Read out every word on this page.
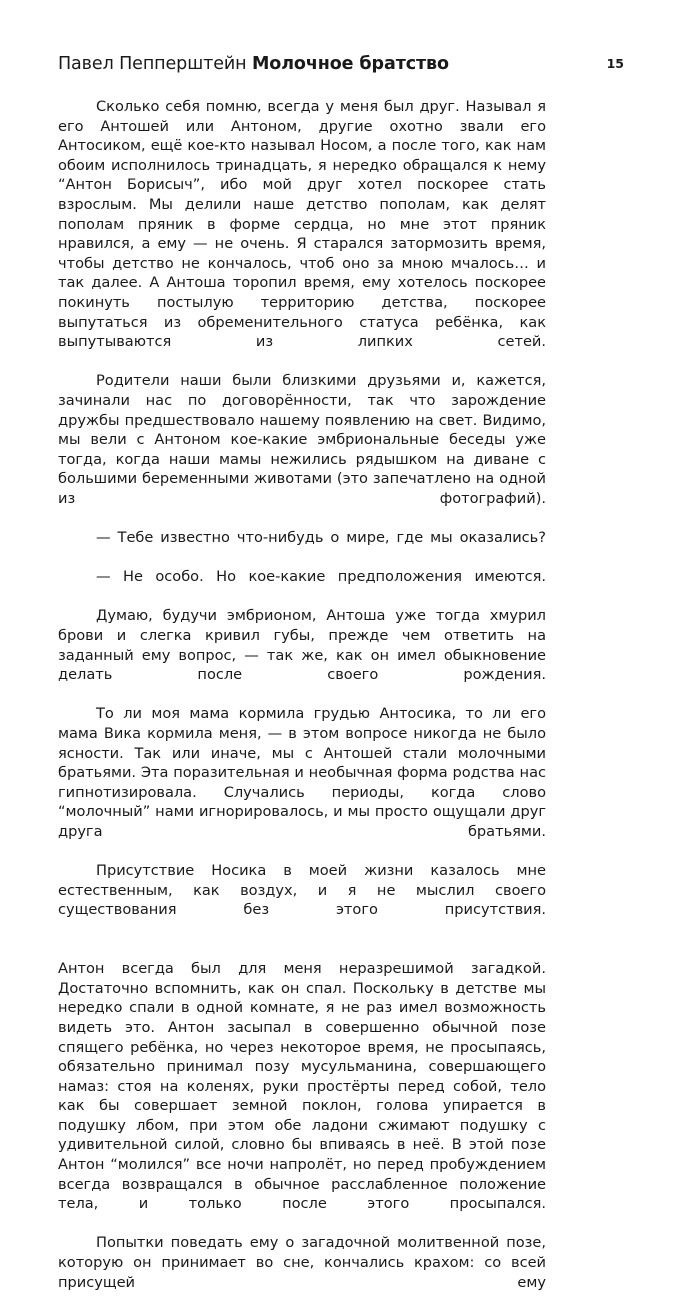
Павел Пепперштейн Молочное братство	15

Сколько себя помню, всегда у меня был друг. Называл я его Антошей или Антоном, другие охотно звали его Антосиком, ещё кое-кто называл Носом, а после того, как нам обоим исполнилось тринадцать, я нередко обращался к нему “Антон Борисыч”, ибо мой друг хотел поскорее стать взрослым. Мы делили наше детство пополам, как делят пополам пряник в форме сердца, но мне этот пряник нравился, а ему — не очень. Я старался затормозить время, чтобы детство не кончалось, чтоб оно за мною мчалось… и так далее. А Антоша торопил время, ему хотелось поскорее покинуть постылую территорию детства, поскорее выпутаться из обременительного статуса ребёнка, как выпутываются из липких сетей.

Родители наши были близкими друзьями и, кажется, зачинали нас по договорённости, так что зарождение дружбы предшествовало нашему появлению на свет. Видимо, мы вели с Антоном кое-какие эмбриональные беседы уже тогда, когда наши мамы нежились рядышком на диване с большими беременными животами (это запечатлено на одной из фотографий).

— Тебе известно что-нибудь о мире, где мы оказались?

— Не особо. Но кое-какие предположения имеются.

Думаю, будучи эмбрионом, Антоша уже тогда хмурил брови и слегка кривил губы, прежде чем ответить на заданный ему вопрос, — так же, как он имел обыкновение делать после своего рождения.

То ли моя мама кормила грудью Антосика, то ли его мама Вика кормила меня, — в этом вопросе никогда не было ясности. Так или иначе, мы с Антошей стали молочными братьями. Эта поразительная и необычная форма родства нас гипнотизировала. Случались периоды, когда слово “молочный” нами игнорировалось, и мы просто ощущали друг друга братьями.

Присутствие Носика в моей жизни казалось мне естественным, как воздух, и я не мыслил своего существования без этого присутствия.

Антон всегда был для меня неразрешимой загадкой. Достаточно вспомнить, как он спал. Поскольку в детстве мы нередко спали в одной комнате, я не раз имел возможность видеть это. Антон засыпал в совершенно обычной позе спящего ребёнка, но через некоторое время, не просыпаясь, обязательно принимал позу мусульманина, совершающего намаз: стоя на коленях, руки простёрты перед собой, тело как бы совершает земной поклон, голова упирается в подушку лбом, при этом обе ладони сжимают подушку с удивительной силой, словно бы впиваясь в неё. В этой позе Антон “молился” все ночи напролёт, но перед пробуждением всегда возвращался в обычное расслабленное положение тела, и только после этого просыпался.

Попытки поведать ему о загадочной молитвенной позе, которую он принимает во сне, кончались крахом: со всей присущей ему
